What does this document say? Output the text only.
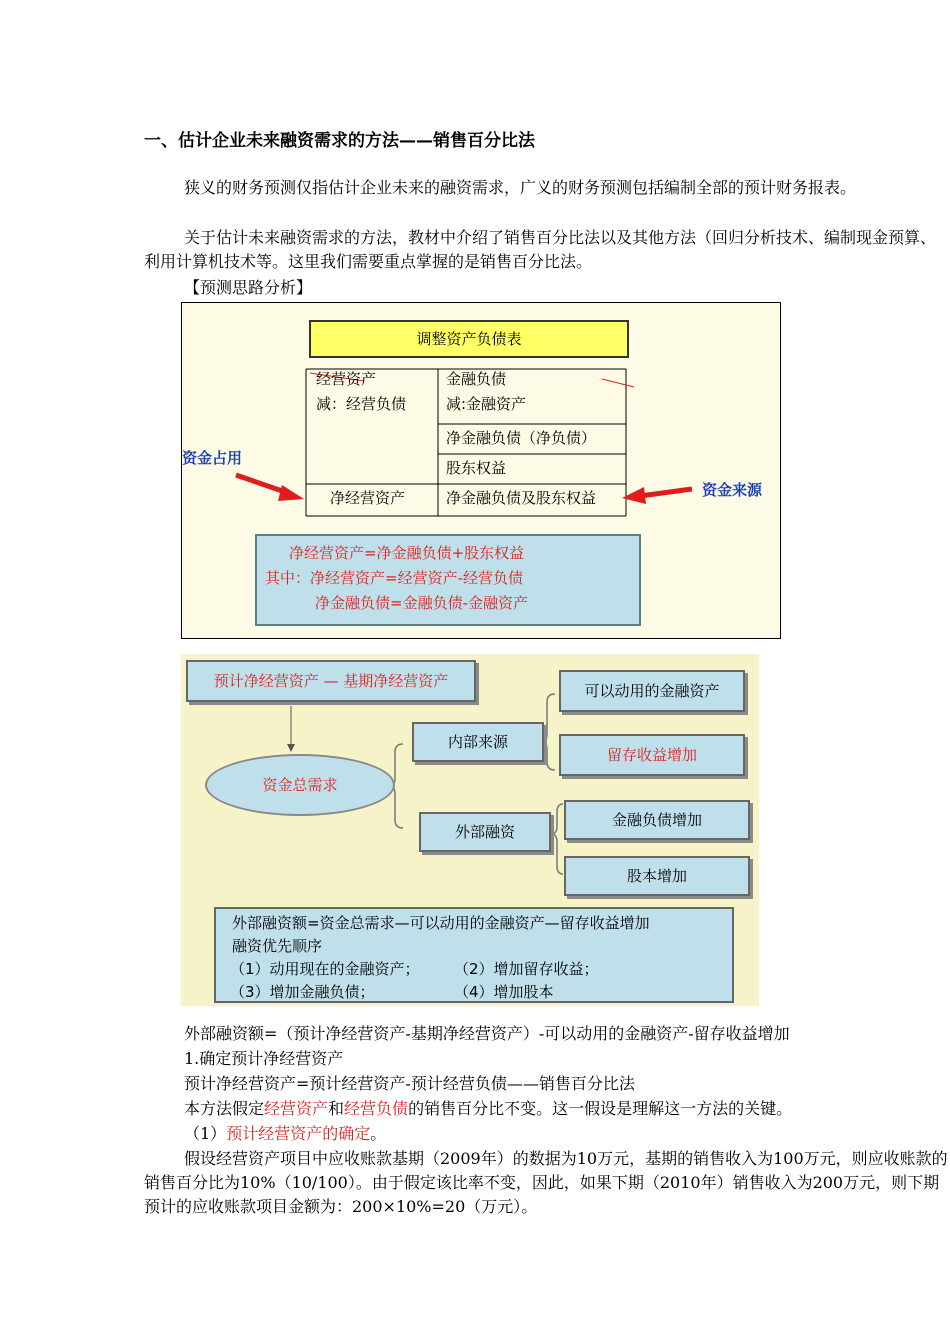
一、估计企业未来融资需求的方法——销售百分比法
狭义的财务预测仅指估计企业未来的融资需求，广义的财务预测包括编制全部的预计财务报表。
关于估计未来融资需求的方法，教材中介绍了销售百分比法以及其他方法（回归分析技术、编制现金预算、利用计算机技术等。这里我们需要重点掌握的是销售百分比法。
【预测思路分析】
调整资产负债表
经营资产
减：经营负债
金融负债
减:金融资产
净金融负债（净负债）
股东权益
净经营资产	净金融负债及股东权益
资金占用
资金来源
净经营资产=净金融负债+股东权益
其中：净经营资产=经营资产-经营负债
净金融负债=金融负债-金融资产
预计净经营资产 — 基期净经营资产
资金总需求
内部来源
外部融资
可以动用的金融资产
留存收益增加
金融负债增加
股本增加
外部融资额=资金总需求—可以动用的金融资产—留存收益增加
融资优先顺序
（1）动用现在的金融资产； （2）增加留存收益；
（3）增加金融负债；	（4）增加股本
外部融资额=（预计净经营资产-基期净经营资产）-可以动用的金融资产-留存收益增加
1.确定预计净经营资产
预计净经营资产=预计经营资产-预计经营负债——销售百分比法
本方法假定经营资产和经营负债的销售百分比不变。这一假设是理解这一方法的关键。
（1）预计经营资产的确定。
假设经营资产项目中应收账款基期（2009年）的数据为10万元，基期的销售收入为100万元，则应收账款的销售百分比为10%（10/100）。由于假定该比率不变，因此，如果下期（2010年）销售收入为200万元，则下期预计的应收账款项目金额为：200×10%=20（万元）。
